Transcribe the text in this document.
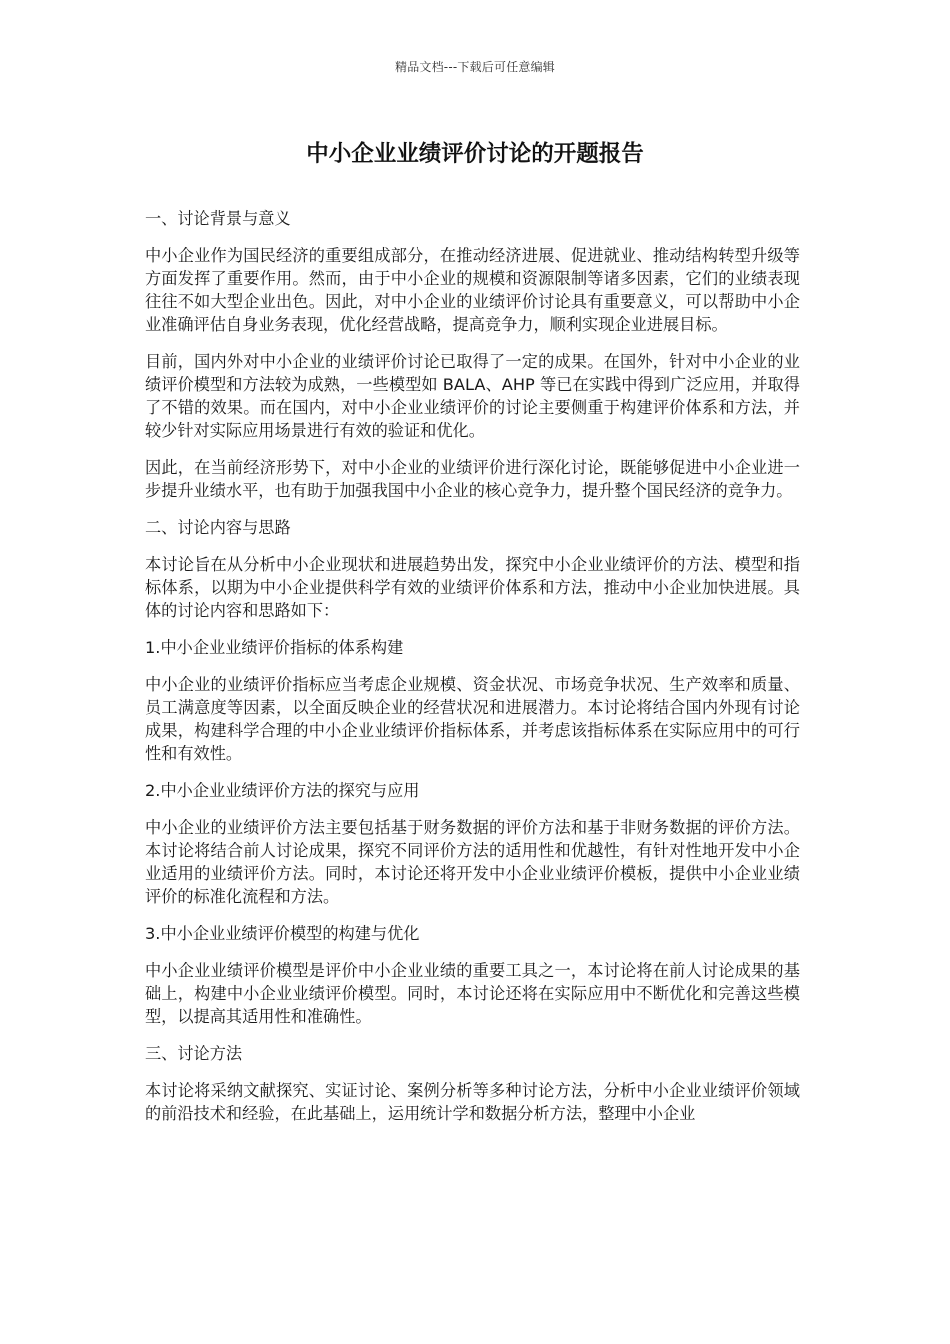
精品文档---下载后可任意编辑
中小企业业绩评价讨论的开题报告

一、讨论背景与意义

中小企业作为国民经济的重要组成部分，在推动经济进展、促进就业、推动结构转型升级等方面发挥了重要作用。然而，由于中小企业的规模和资源限制等诸多因素，它们的业绩表现往往不如大型企业出色。因此，对中小企业的业绩评价讨论具有重要意义，可以帮助中小企业准确评估自身业务表现，优化经营战略，提高竞争力，顺利实现企业进展目标。

目前，国内外对中小企业的业绩评价讨论已取得了一定的成果。在国外，针对中小企业的业绩评价模型和方法较为成熟，一些模型如 BALA、AHP 等已在实践中得到广泛应用，并取得了不错的效果。而在国内，对中小企业业绩评价的讨论主要侧重于构建评价体系和方法，并较少针对实际应用场景进行有效的验证和优化。

因此，在当前经济形势下，对中小企业的业绩评价进行深化讨论，既能够促进中小企业进一步提升业绩水平，也有助于加强我国中小企业的核心竞争力，提升整个国民经济的竞争力。

二、讨论内容与思路

本讨论旨在从分析中小企业现状和进展趋势出发，探究中小企业业绩评价的方法、模型和指标体系，以期为中小企业提供科学有效的业绩评价体系和方法，推动中小企业加快进展。具体的讨论内容和思路如下：

1.中小企业业绩评价指标的体系构建

中小企业的业绩评价指标应当考虑企业规模、资金状况、市场竞争状况、生产效率和质量、员工满意度等因素，以全面反映企业的经营状况和进展潜力。本讨论将结合国内外现有讨论成果，构建科学合理的中小企业业绩评价指标体系，并考虑该指标体系在实际应用中的可行性和有效性。

2.中小企业业绩评价方法的探究与应用

中小企业的业绩评价方法主要包括基于财务数据的评价方法和基于非财务数据的评价方法。本讨论将结合前人讨论成果，探究不同评价方法的适用性和优越性，有针对性地开发中小企业适用的业绩评价方法。同时，本讨论还将开发中小企业业绩评价模板，提供中小企业业绩评价的标准化流程和方法。

3.中小企业业绩评价模型的构建与优化

中小企业业绩评价模型是评价中小企业业绩的重要工具之一，本讨论将在前人讨论成果的基础上，构建中小企业业绩评价模型。同时，本讨论还将在实际应用中不断优化和完善这些模型，以提高其适用性和准确性。

三、讨论方法

本讨论将采纳文献探究、实证讨论、案例分析等多种讨论方法，分析中小企业业绩评价领域的前沿技术和经验，在此基础上，运用统计学和数据分析方法，整理中小企业
